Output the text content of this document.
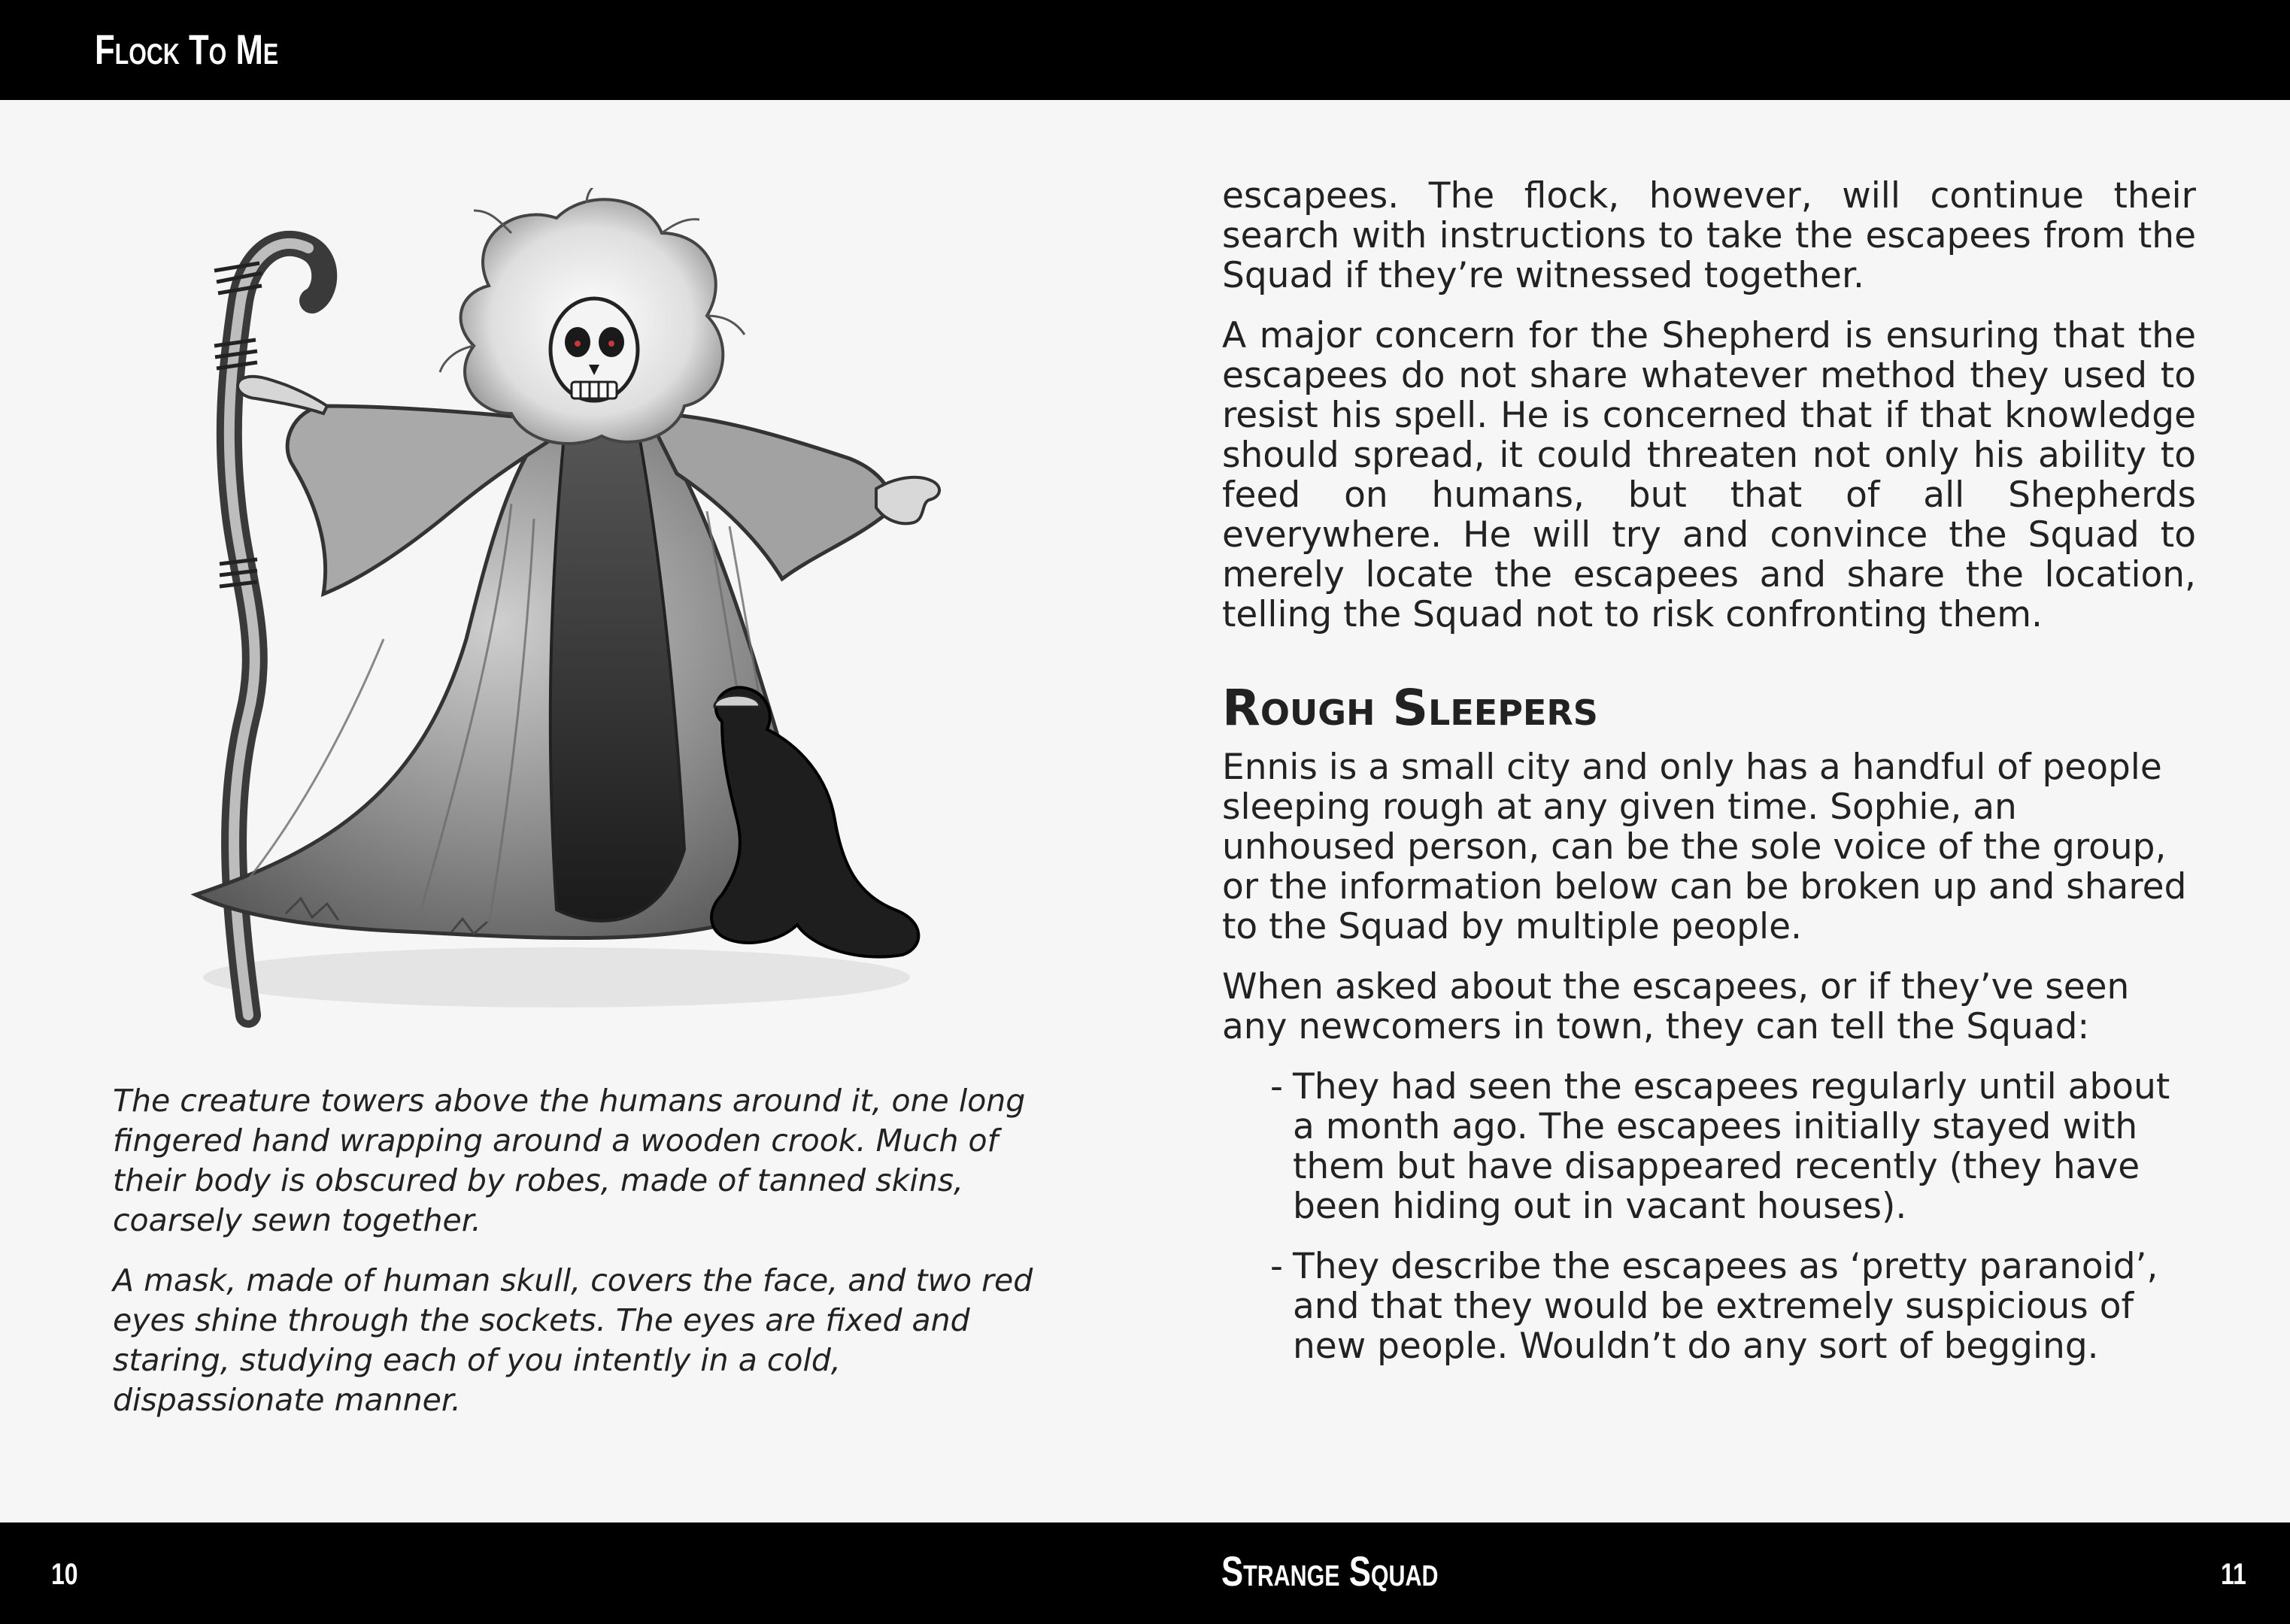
Flock To Me

The creature towers above the humans around it, one long fingered hand wrapping around a wooden crook. Much of their body is obscured by robes, made of tanned skins, coarsely sewn together.

A mask, made of human skull, covers the face, and two red eyes shine through the sockets. The eyes are fixed and staring, studying each of you intently in a cold, dispassionate manner.

escapees. The flock, however, will continue their search with instructions to take the escapees from the Squad if they’re witnessed together.

A major concern for the Shepherd is ensuring that the escapees do not share whatever method they used to resist his spell. He is concerned that if that knowledge should spread, it could threaten not only his ability to feed on humans, but that of all Shepherds everywhere. He will try and convince the Squad to merely locate the escapees and share the location, telling the Squad not to risk confronting them.

Rough Sleepers

Ennis is a small city and only has a handful of people sleeping rough at any given time. Sophie, an unhoused person, can be the sole voice of the group, or the information below can be broken up and shared to the Squad by multiple people.

When asked about the escapees, or if they’ve seen any newcomers in town, they can tell the Squad:

- They had seen the escapees regularly until about a month ago. The escapees initially stayed with them but have disappeared recently (they have been hiding out in vacant houses).
- They describe the escapees as ‘pretty paranoid’, and that they would be extremely suspicious of new people. Wouldn’t do any sort of begging.
10	Strange Squad	11
